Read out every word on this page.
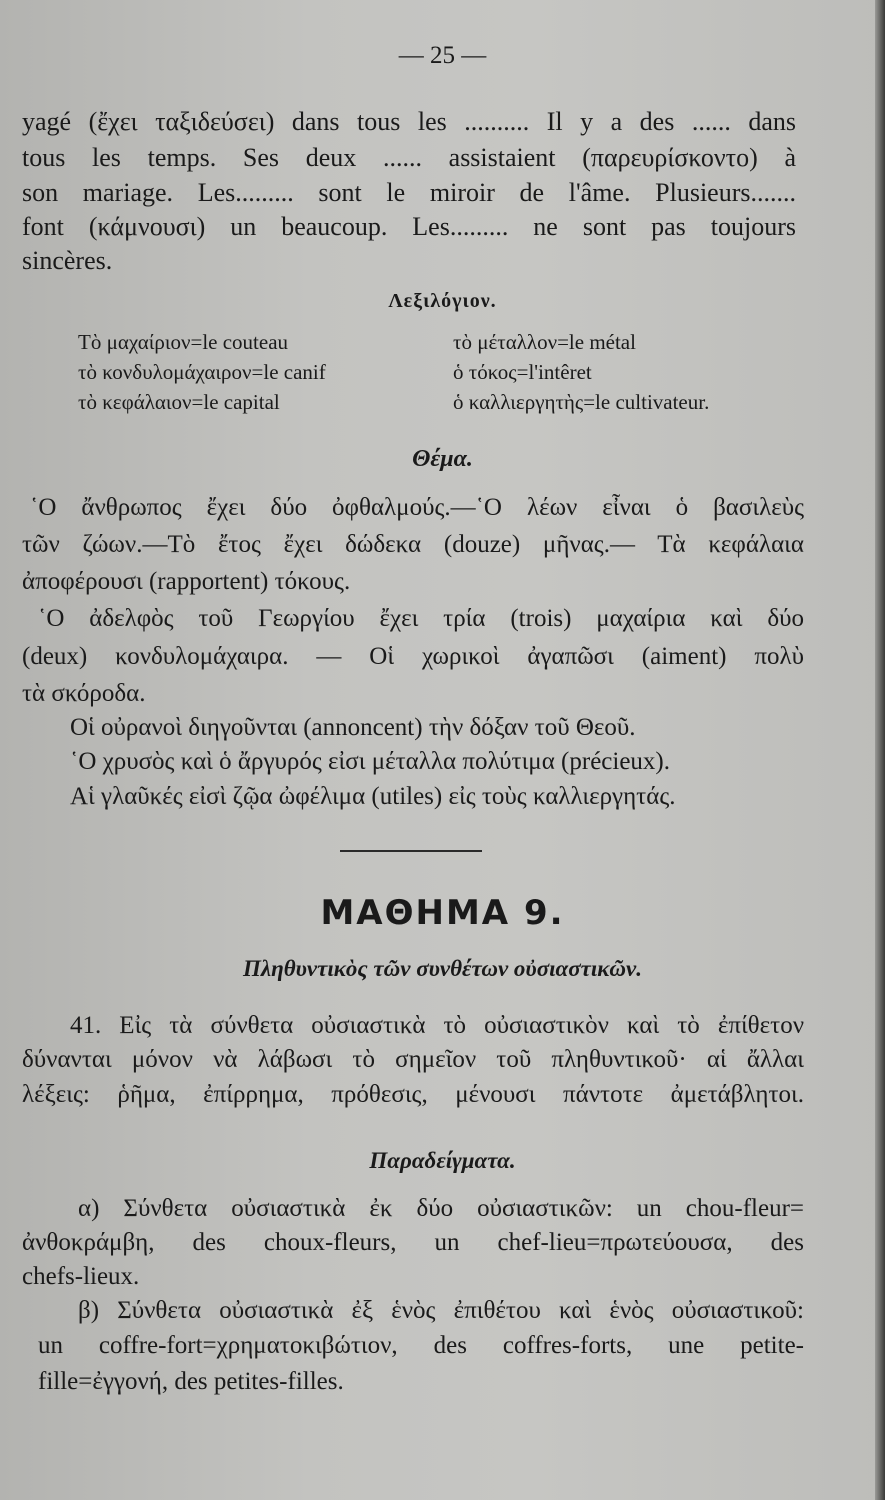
— 25 —
yagé (ἔχει ταξιδεύσει) dans tous les .......... Il y a des ...... dans
tous les temps. Ses deux ...... assistaient (παρευρίσκοντο) à
son mariage. Les......... sont le miroir de l'âme. Plusieurs.......
font (κάμνουσι) un beaucoup. Les......... ne sont pas toujours
sincères.
Λεξιλόγιον.
Τὸ μαχαίριον=le couteau
τὸ κονδυλομάχαιρον=le canif
τὸ κεφάλαιον=le capital
τὸ μέταλλον=le métal
ὁ τόκος=l'intêret
ὁ καλλιεργητὴς=le cultivateur.
Θέμα.
῾Ο ἄνθρωπος ἔχει δύο ὀφθαλμούς.—῾Ο λέων εἶναι ὁ βασιλεὺς
τῶν ζώων.—Τὸ ἔτος ἔχει δώδεκα (douze) μῆνας.— Τὰ κεφάλαια
ἀποφέρουσι (rapportent) τόκους.
῾Ο ἀδελφὸς τοῦ Γεωργίου ἔχει τρία (trois) μαχαίρια καὶ δύο
(deux) κονδυλομάχαιρα. — Οἱ χωρικοὶ ἀγαπῶσι (aiment) πολὺ
τὰ σκόροδα.
Οἱ οὐρανοὶ διηγοῦνται (annoncent) τὴν δόξαν τοῦ Θεοῦ.
῾Ο χρυσὸς καὶ ὁ ἄργυρός εἰσι μέταλλα πολύτιμα (précieux).
Αἱ γλαῦκές εἰσὶ ζῷα ὠφέλιμα (utiles) εἰς τοὺς καλλιεργητάς.
ΜΑΘΗΜΑ 9.
Πληθυντικὸς τῶν συνθέτων οὐσιαστικῶν.
41. Εἰς τὰ σύνθετα οὐσιαστικὰ τὸ οὐσιαστικὸν καὶ τὸ ἐπίθετον
δύνανται μόνον νὰ λάβωσι τὸ σημεῖον τοῦ πληθυντικοῦ· αἱ ἄλλαι
λέξεις: ῥῆμα, ἐπίρρημα, πρόθεσις, μένουσι πάντοτε ἀμετάβλητοι.
Παραδείγματα.
α) Σύνθετα οὐσιαστικὰ ἐκ δύο οὐσιαστικῶν: un chou-fleur=
ἀνθοκράμβη, des choux-fleurs, un chef-lieu=πρωτεύουσα, des
chefs-lieux.
β) Σύνθετα οὐσιαστικὰ ἐξ ἑνὸς ἐπιθέτου καὶ ἑνὸς οὐσιαστικοῦ:
un coffre-fort=χρηματοκιβώτιον, des coffres-forts, une petite-
fille=ἐγγονή, des petites-filles.
